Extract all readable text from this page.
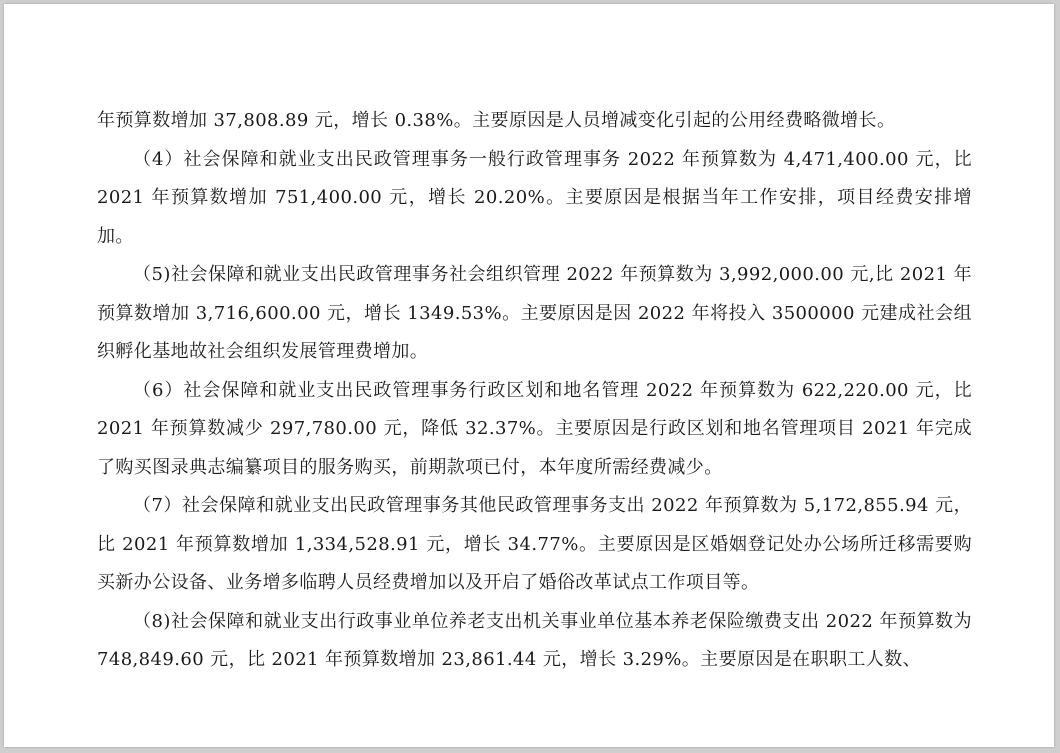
年预算数增加 37,808.89 元，增长 0.38%。主要原因是人员增减变化引起的公用经费略微增长。

（4）社会保障和就业支出民政管理事务一般行政管理事务 2022 年预算数为 4,471,400.00 元，比 2021 年预算数增加 751,400.00 元，增长 20.20%。主要原因是根据当年工作安排，项目经费安排增加。

（5)社会保障和就业支出民政管理事务社会组织管理 2022 年预算数为 3,992,000.00 元,比 2021 年预算数增加 3,716,600.00 元，增长 1349.53%。主要原因是因 2022 年将投入 3500000 元建成社会组织孵化基地故社会组织发展管理费增加。

（6）社会保障和就业支出民政管理事务行政区划和地名管理 2022 年预算数为 622,220.00 元，比 2021 年预算数减少 297,780.00 元，降低 32.37%。主要原因是行政区划和地名管理项目 2021 年完成了购买图录典志编纂项目的服务购买，前期款项已付，本年度所需经费减少。

（7）社会保障和就业支出民政管理事务其他民政管理事务支出 2022 年预算数为 5,172,855.94 元，比 2021 年预算数增加 1,334,528.91 元，增长 34.77%。主要原因是区婚姻登记处办公场所迁移需要购买新办公设备、业务增多临聘人员经费增加以及开启了婚俗改革试点工作项目等。

（8)社会保障和就业支出行政事业单位养老支出机关事业单位基本养老保险缴费支出 2022 年预算数为 748,849.60 元，比 2021 年预算数增加 23,861.44 元，增长 3.29%。主要原因是在职职工人数、
